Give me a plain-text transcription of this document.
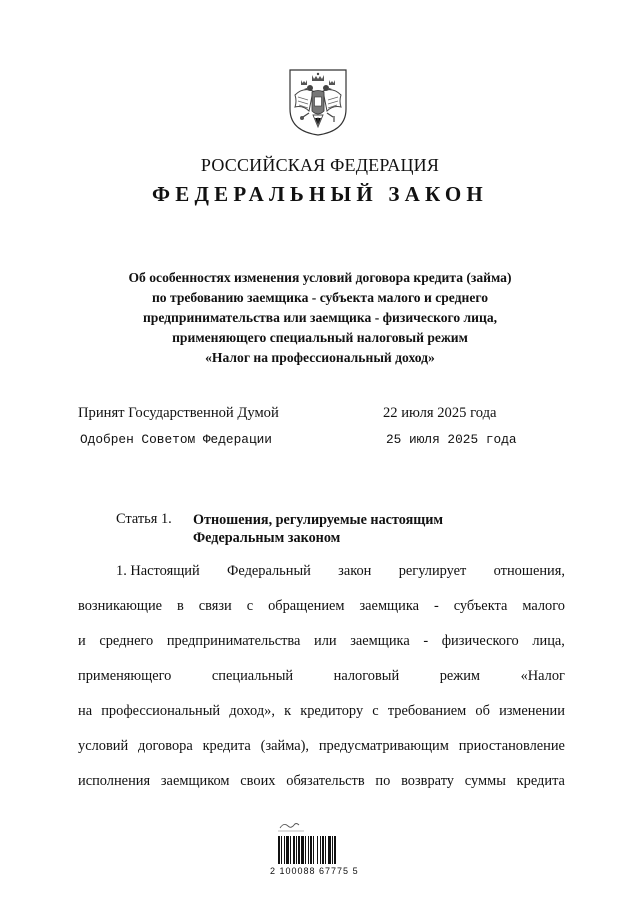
РОССИЙСКАЯ ФЕДЕРАЦИЯ
ФЕДЕРАЛЬНЫЙ ЗАКОН
Об особенностях изменения условий договора кредита (займа)
по требованию заемщика - субъекта малого и среднего
предпринимательства или заемщика - физического лица,
применяющего специальный налоговый режим
«Налог на профессиональный доход»
Принят Государственной Думой	22 июля 2025 года
Одобрен Советом Федерации	25 июля 2025 года
Статья 1. Отношения, регулируемые настоящим
Федеральным законом
1. Настоящий Федеральный закон регулирует отношения,
возникающие в связи с обращением заемщика - субъекта малого
и среднего предпринимательства или заемщика - физического лица,
применяющего	специальный	налоговый	режим	«Налог
на профессиональный доход», к кредитору с требованием об изменении
условий договора кредита (займа), предусматривающим приостановление
исполнения заемщиком своих обязательств по возврату суммы кредита
2 100088 67775 5
